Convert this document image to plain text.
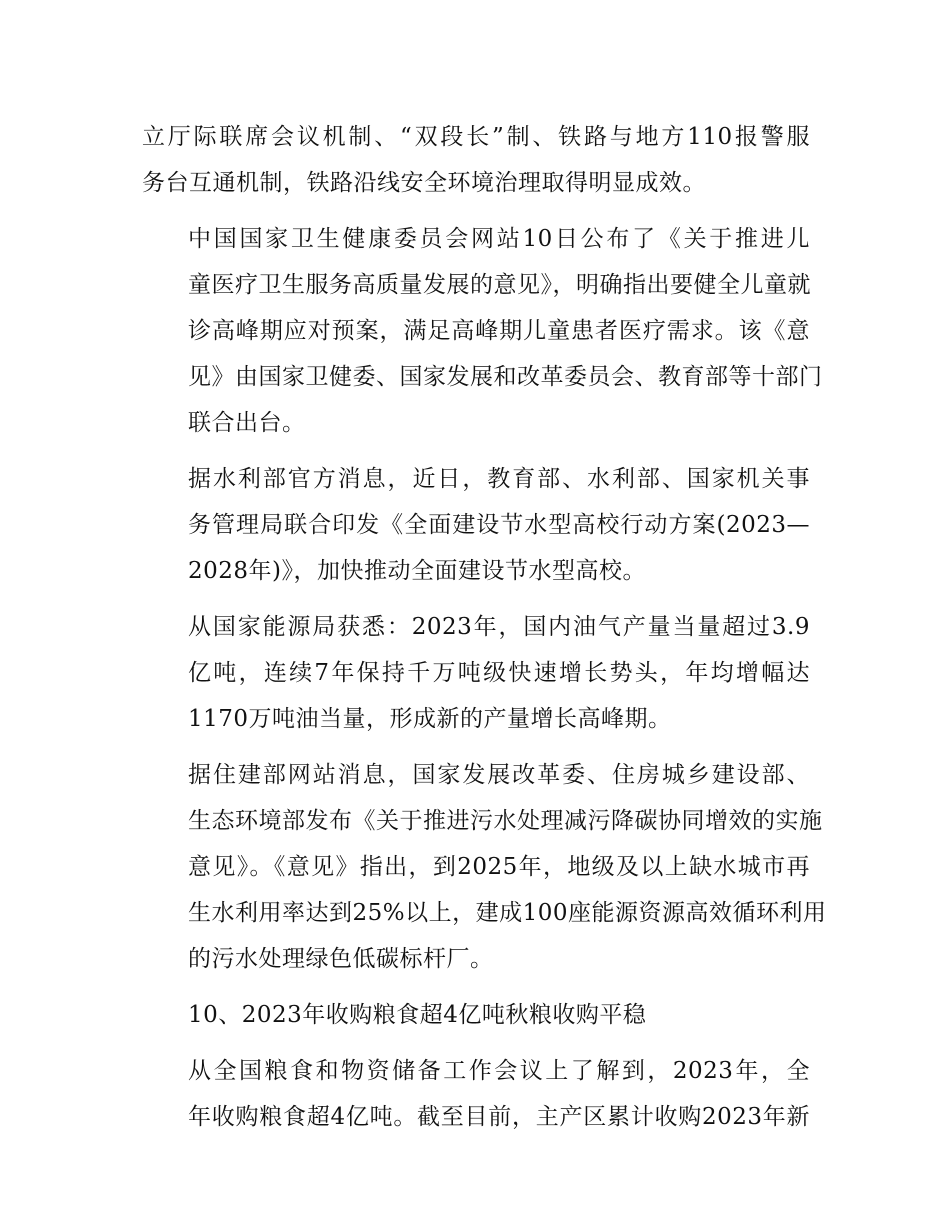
立厅际联席会议机制、“双段长”制、铁路与地方110报警服
务台互通机制，铁路沿线安全环境治理取得明显成效。

中国国家卫生健康委员会网站10日公布了《关于推进儿
童医疗卫生服务高质量发展的意见》，明确指出要健全儿童就
诊高峰期应对预案，满足高峰期儿童患者医疗需求。该《意
见》由国家卫健委、国家发展和改革委员会、教育部等十部门
联合出台。

据水利部官方消息，近日，教育部、水利部、国家机关事
务管理局联合印发《全面建设节水型高校行动方案(2023—
2028年)》，加快推动全面建设节水型高校。

从国家能源局获悉：2023年，国内油气产量当量超过3.9
亿吨，连续7年保持千万吨级快速增长势头，年均增幅达
1170万吨油当量，形成新的产量增长高峰期。

据住建部网站消息，国家发展改革委、住房城乡建设部、
生态环境部发布《关于推进污水处理减污降碳协同增效的实施
意见》。《意见》指出，到2025年，地级及以上缺水城市再
生水利用率达到25%以上，建成100座能源资源高效循环利用
的污水处理绿色低碳标杆厂。

10、2023年收购粮食超4亿吨秋粮收购平稳

从全国粮食和物资储备工作会议上了解到，2023年，全
年收购粮食超4亿吨。截至目前，主产区累计收购2023年新
